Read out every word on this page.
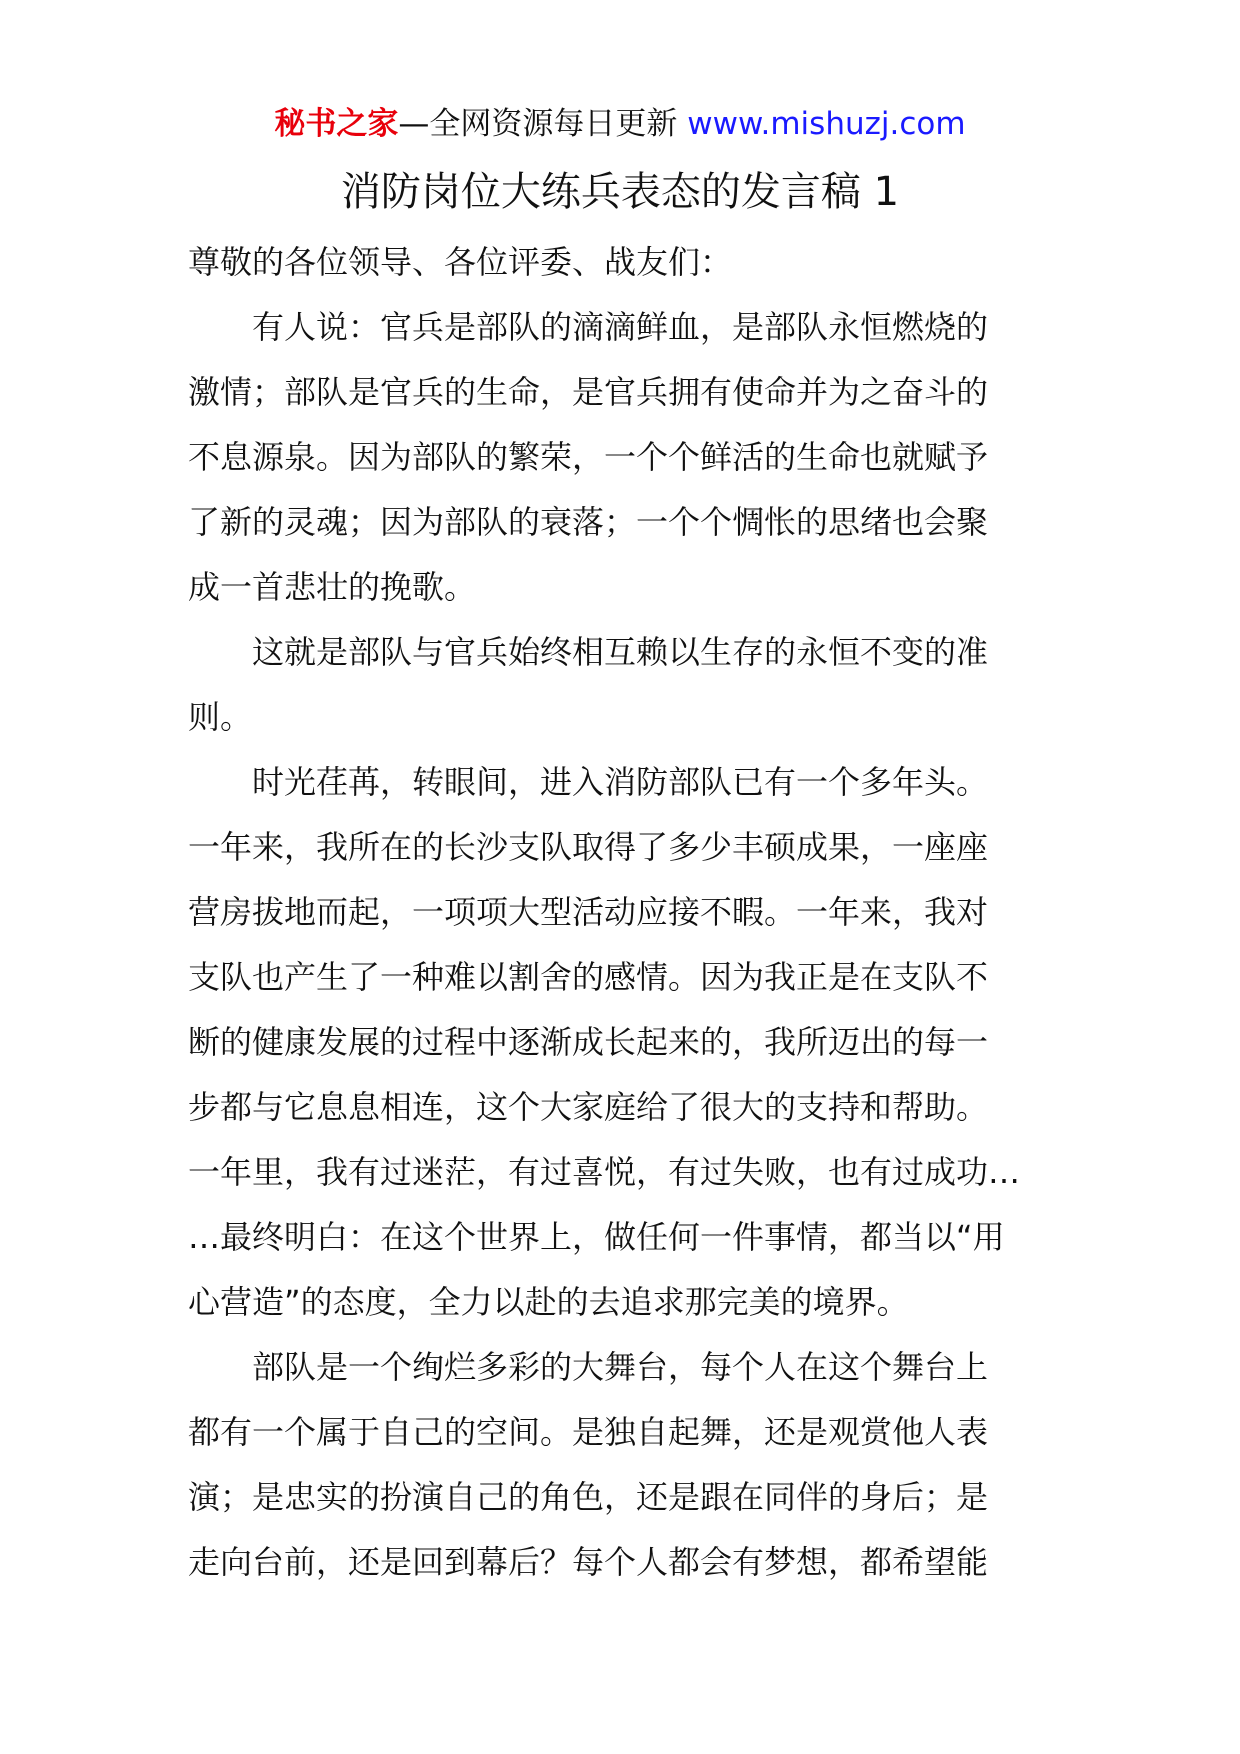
秘书之家—全网资源每日更新 www.mishuzj.com
消防岗位大练兵表态的发言稿 1

尊敬的各位领导、各位评委、战友们：

有人说：官兵是部队的滴滴鲜血，是部队永恒燃烧的
激情；部队是官兵的生命，是官兵拥有使命并为之奋斗的
不息源泉。因为部队的繁荣，一个个鲜活的生命也就赋予
了新的灵魂；因为部队的衰落；一个个惆怅的思绪也会聚
成一首悲壮的挽歌。
这就是部队与官兵始终相互赖以生存的永恒不变的准
则。
时光荏苒，转眼间，进入消防部队已有一个多年头。
一年来，我所在的长沙支队取得了多少丰硕成果，一座座
营房拔地而起，一项项大型活动应接不暇。一年来，我对
支队也产生了一种难以割舍的感情。因为我正是在支队不
断的健康发展的过程中逐渐成长起来的，我所迈出的每一
步都与它息息相连，这个大家庭给了很大的支持和帮助。
一年里，我有过迷茫，有过喜悦，有过失败，也有过成功…
…最终明白：在这个世界上，做任何一件事情，都当以“用
心营造”的态度，全力以赴的去追求那完美的境界。
部队是一个绚烂多彩的大舞台，每个人在这个舞台上
都有一个属于自己的空间。是独自起舞，还是观赏他人表
演；是忠实的扮演自己的角色，还是跟在同伴的身后；是
走向台前，还是回到幕后？每个人都会有梦想，都希望能
